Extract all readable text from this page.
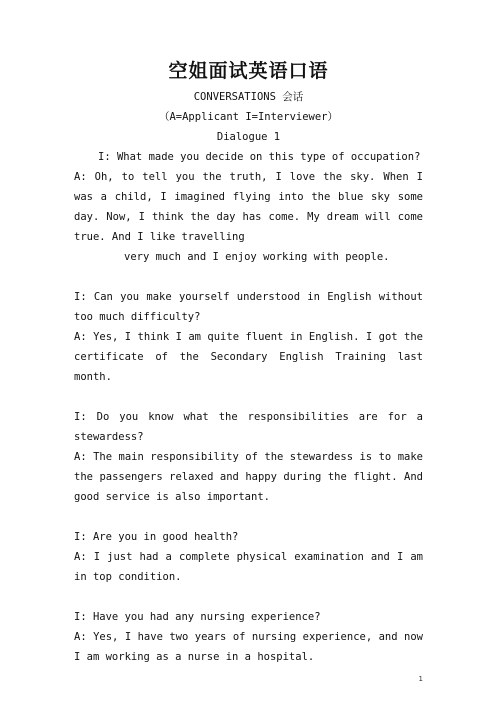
空姐面试英语口语
CONVERSATIONS 会话
（A=Applicant I=Interviewer）
Dialogue 1
I: What made you decide on this type of occupation?
A: Oh, to tell you the truth, I love the sky. When I was a child, I imagined flying into the blue sky some day. Now, I think the day has come. My dream will come true. And I like travelling
very much and I enjoy working with people.
I: Can you make yourself understood in English without too much difficulty?
A: Yes, I think I am quite fluent in English. I got the certificate of the Secondary English Training last month.
I: Do you know what the responsibilities are for a stewardess?
A: The main responsibility of the stewardess is to make the passengers relaxed and happy during the flight. And good service is also important.
I: Are you in good health?
A: I just had a complete physical examination and I am in top condition.
I: Have you had any nursing experience?
A: Yes, I have two years of nursing experience, and now I am working as a nurse in a hospital.
1
